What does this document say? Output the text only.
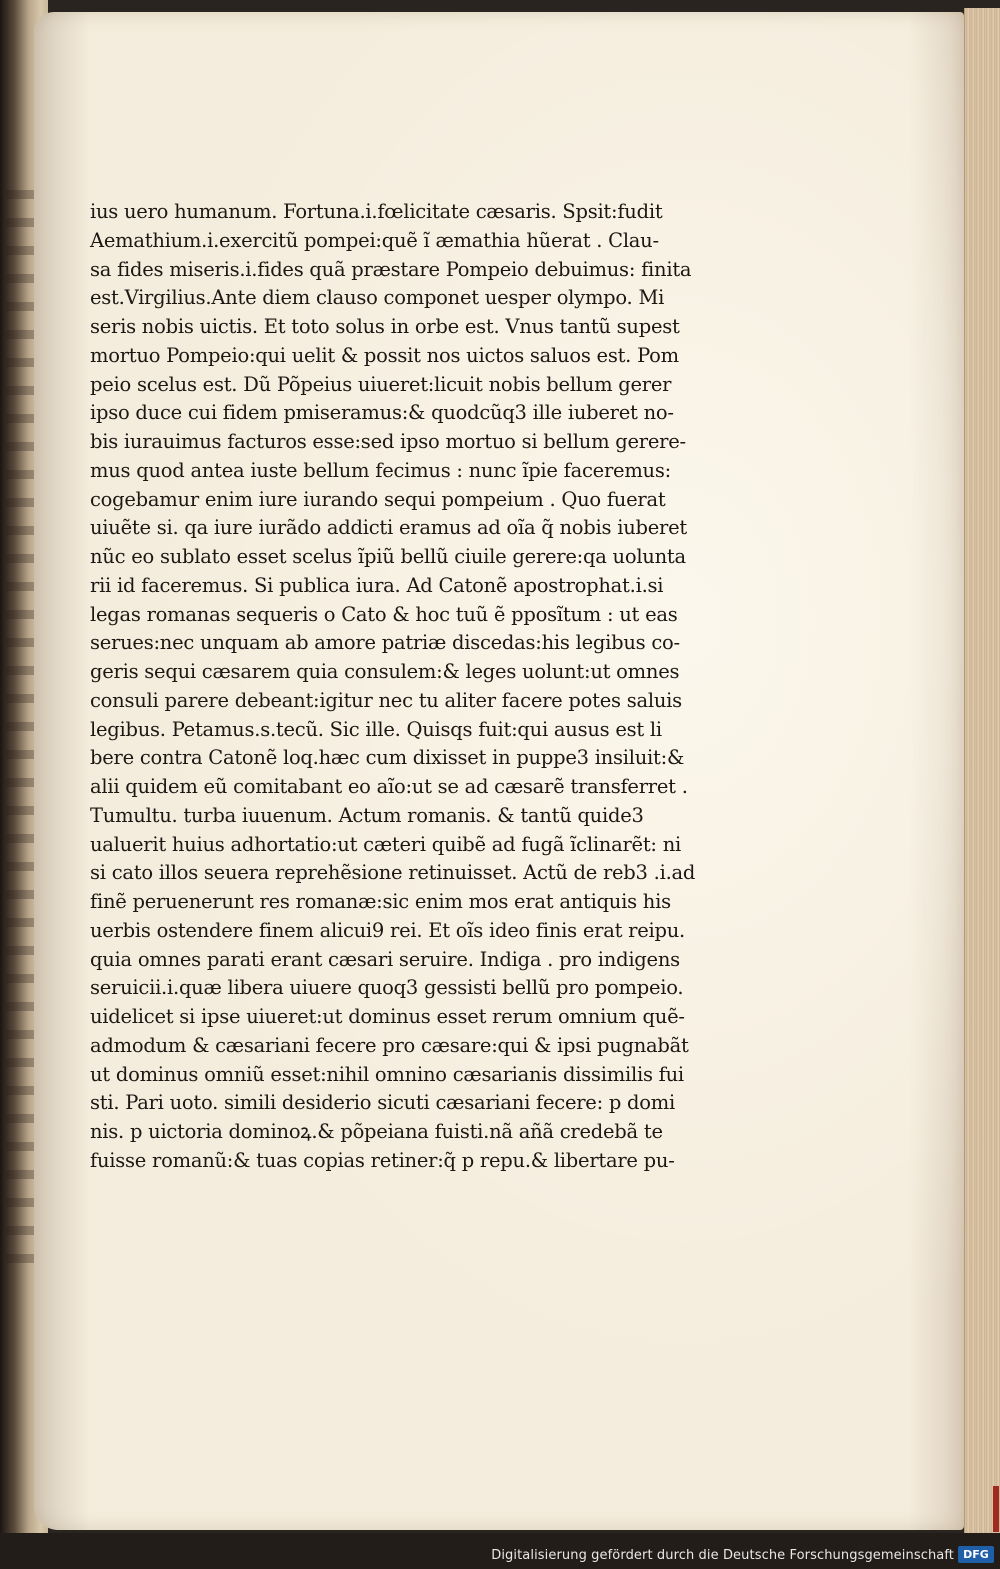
ius uero humanum. Fortuna.i.fœlicitate cæsaris. Spsit:fudit
Aemathium.i.exercitũ pompei:quẽ ĩ æmathia hũerat . Clau-
sa fides miseris.i.fides quã præstare Pompeio debuimus: finita
est.Virgilius.Ante diem clauso componet uesper olympo. Mi
seris nobis uictis. Et toto solus in orbe est. Vnus tantũ supest
mortuo Pompeio:qui uelit & possit nos uictos saluos est. Pom
peio scelus est. Dũ Põpeius uiueret:licuit nobis bellum gerer
ipso duce cui fidem pmiseramus:& quodcũq3 ille iuberet no-
bis iurauimus facturos esse:sed ipso mortuo si bellum gerere-
mus quod antea iuste bellum fecimus : nunc ĩpie faceremus:
cogebamur enim iure iurando sequi pompeium . Quo fuerat
uiuẽte si. qa iure iurãdo addicti eramus ad oĩa q̃ nobis iuberet
nũc eo sublato esset scelus ĩpiũ bellũ ciuile gerere:qa uolunta
rii id faceremus. Si publica iura. Ad Catonẽ apostrophat.i.si
legas romanas sequeris o Cato & hoc tuũ ẽ pposĩtum : ut eas
serues:nec unquam ab amore patriæ discedas:his legibus co-
geris sequi cæsarem quia consulem:& leges uolunt:ut omnes
consuli parere debeant:igitur nec tu aliter facere potes saluis
legibus. Petamus.s.tecũ. Sic ille. Quisqs fuit:qui ausus est li
bere contra Catonẽ loq.hæc cum dixisset in puppe3 insiluit:&
alii quidem eũ comitabant eo aĩo:ut se ad cæsarẽ transferret .
Tumultu. turba iuuenum. Actum romanis. & tantũ quide3
ualuerit huius adhortatio:ut cæteri quibẽ ad fugã ĩclinarẽt: ni
si cato illos seuera reprehẽsione retinuisset. Actũ de reb3 .i.ad
finẽ peruenerunt res romanæ:sic enim mos erat antiquis his
uerbis ostendere finem alicui9 rei. Et oĩs ideo finis erat reipu.
quia omnes parati erant cæsari seruire. Indiga . pro indigens
seruicii.i.quæ libera uiuere quoq3 gessisti bellũ pro pompeio.
uidelicet si ipse uiueret:ut dominus esset rerum omnium quẽ-
admodum & cæsariani fecere pro cæsare:qui & ipsi pugnabãt
ut dominus omniũ esset:nihil omnino cæsarianis dissimilis fui
sti. Pari uoto. simili desiderio sicuti cæsariani fecere: p domi
nis. p uictoria dominoꝝ.& põpeiana fuisti.nã añã credebã te
fuisse romanũ:& tuas copias retiner:q̃ p repu.& libertare pu-
Digitalisierung gefördert durch die Deutsche Forschungsgemeinschaft DFG
